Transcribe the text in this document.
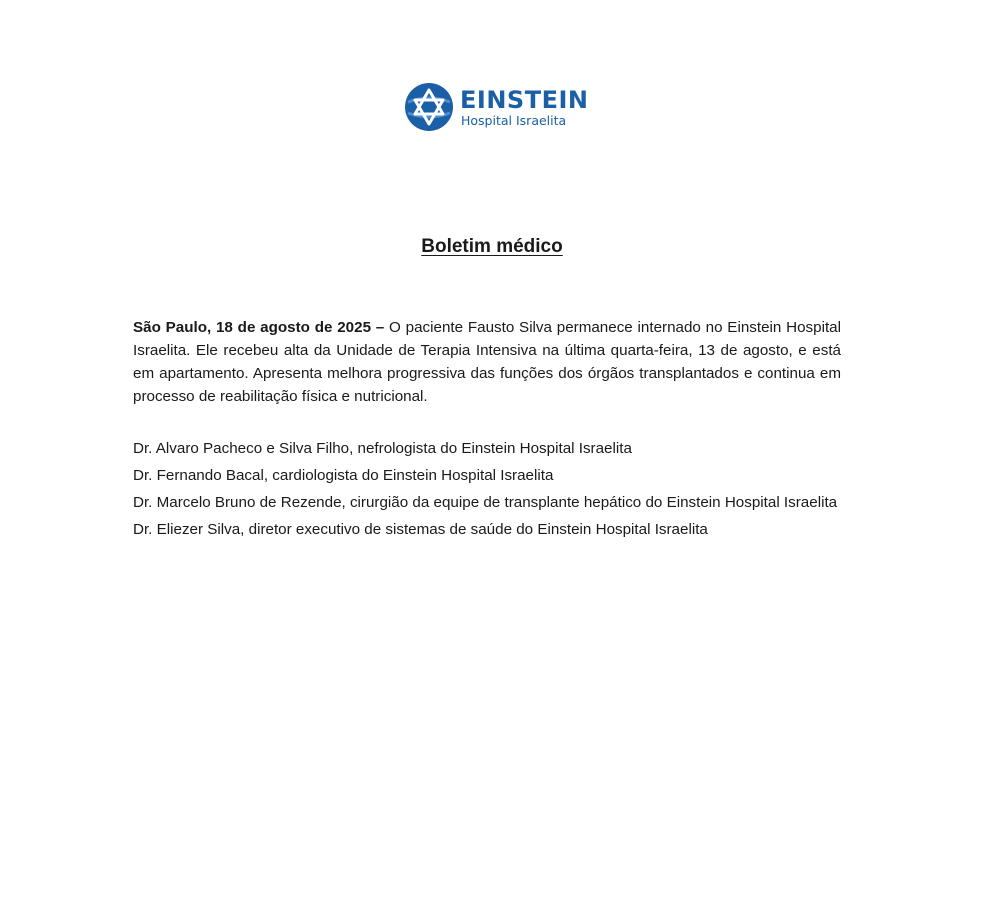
EINSTEIN
Hospital Israelita
Boletim médico

São Paulo, 18 de agosto de 2025 – O paciente Fausto Silva permanece internado no Einstein Hospital Israelita. Ele recebeu alta da Unidade de Terapia Intensiva na última quarta-feira, 13 de agosto, e está em apartamento. Apresenta melhora progressiva das funções dos órgãos transplantados e continua em processo de reabilitação física e nutricional.

Dr. Alvaro Pacheco e Silva Filho, nefrologista do Einstein Hospital Israelita
Dr. Fernando Bacal, cardiologista do Einstein Hospital Israelita
Dr. Marcelo Bruno de Rezende, cirurgião da equipe de transplante hepático do Einstein Hospital Israelita
Dr. Eliezer Silva, diretor executivo de sistemas de saúde do Einstein Hospital Israelita
